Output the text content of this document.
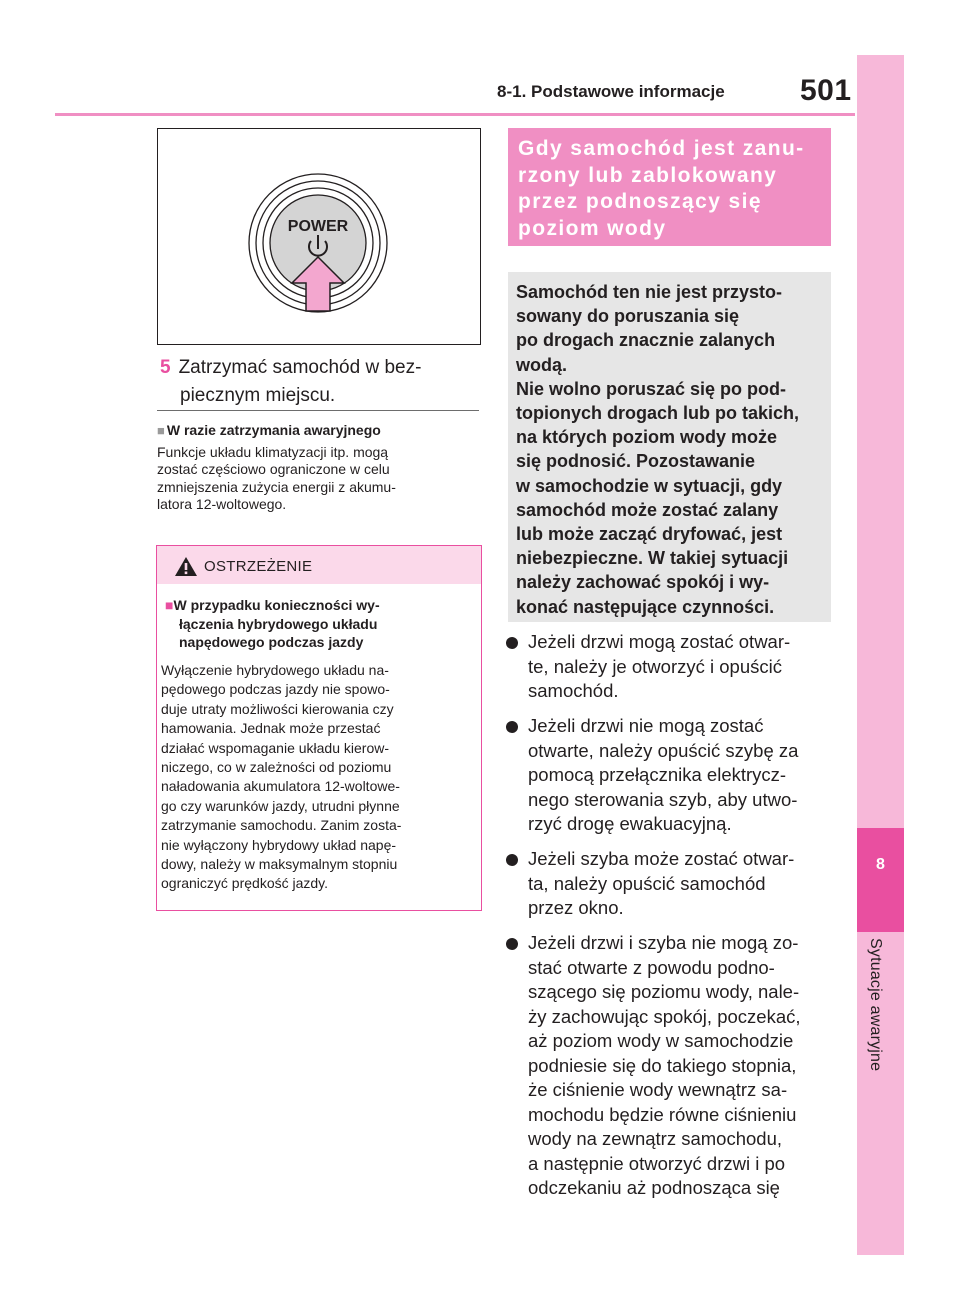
8-1. Podstawowe informacje	501
8
Sytuacje awaryjne
POWER
5 Zatrzymać samochód w bez-
piecznym miejscu.
■ W razie zatrzymania awaryjnego
Funkcje układu klimatyzacji itp. mogą
zostać częściowo ograniczone w celu
zmniejszenia zużycia energii z akumu-
latora 12-woltowego.
OSTRZEŻENIE
■W przypadku konieczności wy-
łączenia hybrydowego układu
napędowego podczas jazdy
Wyłączenie hybrydowego układu na-
pędowego podczas jazdy nie spowo-
duje utraty możliwości kierowania czy
hamowania. Jednak może przestać
działać wspomaganie układu kierow-
niczego, co w zależności od poziomu
naładowania akumulatora 12-woltowe-
go czy warunków jazdy, utrudni płynne
zatrzymanie samochodu. Zanim zosta-
nie wyłączony hybrydowy układ napę-
dowy, należy w maksymalnym stopniu
ograniczyć prędkość jazdy.
Gdy samochód jest zanu-
rzony lub zablokowany
przez podnoszący się
poziom wody
Samochód ten nie jest przysto-
sowany do poruszania się
po drogach znacznie zalanych
wodą.
Nie wolno poruszać się po pod-
topionych drogach lub po takich,
na których poziom wody może
się podnosić. Pozostawanie
w samochodzie w sytuacji, gdy
samochód może zostać zalany
lub może zacząć dryfować, jest
niebezpieczne. W takiej sytuacji
należy zachować spokój i wy-
konać następujące czynności.
Jeżeli drzwi mogą zostać otwar-
te, należy je otworzyć i opuścić
samochód.
Jeżeli drzwi nie mogą zostać
otwarte, należy opuścić szybę za
pomocą przełącznika elektrycz-
nego sterowania szyb, aby utwo-
rzyć drogę ewakuacyjną.
Jeżeli szyba może zostać otwar-
ta, należy opuścić samochód
przez okno.
Jeżeli drzwi i szyba nie mogą zo-
stać otwarte z powodu podno-
szącego się poziomu wody, nale-
ży zachowując spokój, poczekać,
aż poziom wody w samochodzie
podniesie się do takiego stopnia,
że ciśnienie wody wewnątrz sa-
mochodu będzie równe ciśnieniu
wody na zewnątrz samochodu,
a następnie otworzyć drzwi i po
odczekaniu aż podnosząca się
